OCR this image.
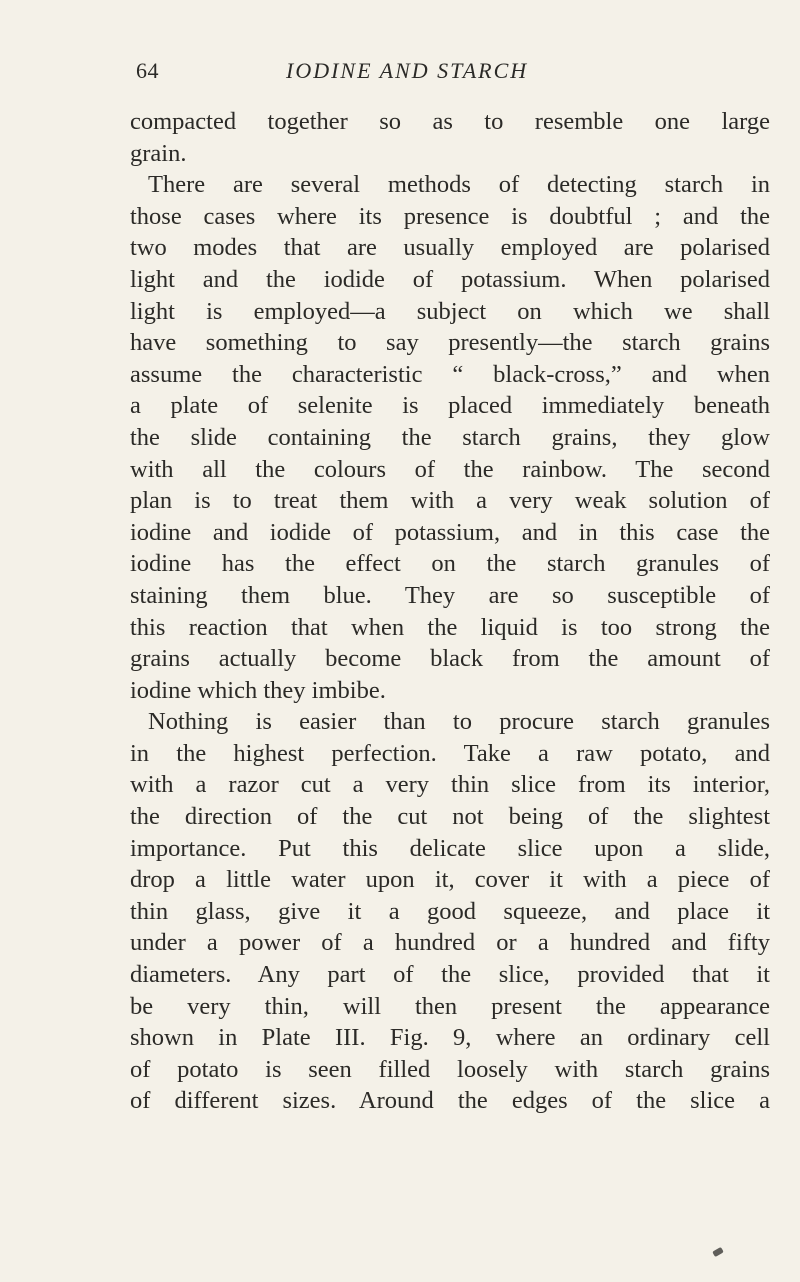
64	IODINE AND STARCH
compacted together so as to resemble one large
grain.
There are several methods of detecting starch in
those cases where its presence is doubtful ; and the
two modes that are usually employed are polarised
light and the iodide of potassium. When polarised
light is employed—a subject on which we shall
have something to say presently—the starch grains
assume the characteristic “ black-cross,” and when
a plate of selenite is placed immediately beneath
the slide containing the starch grains, they glow
with all the colours of the rainbow. The second
plan is to treat them with a very weak solution of
iodine and iodide of potassium, and in this case the
iodine has the effect on the starch granules of
staining them blue. They are so susceptible of
this reaction that when the liquid is too strong the
grains actually become black from the amount of
iodine which they imbibe.
Nothing is easier than to procure starch granules
in the highest perfection. Take a raw potato, and
with a razor cut a very thin slice from its interior,
the direction of the cut not being of the slightest
importance. Put this delicate slice upon a slide,
drop a little water upon it, cover it with a piece of
thin glass, give it a good squeeze, and place it
under a power of a hundred or a hundred and fifty
diameters. Any part of the slice, provided that it
be very thin, will then present the appearance
shown in Plate III. Fig. 9, where an ordinary cell
of potato is seen filled loosely with starch grains
of different sizes. Around the edges of the slice a
